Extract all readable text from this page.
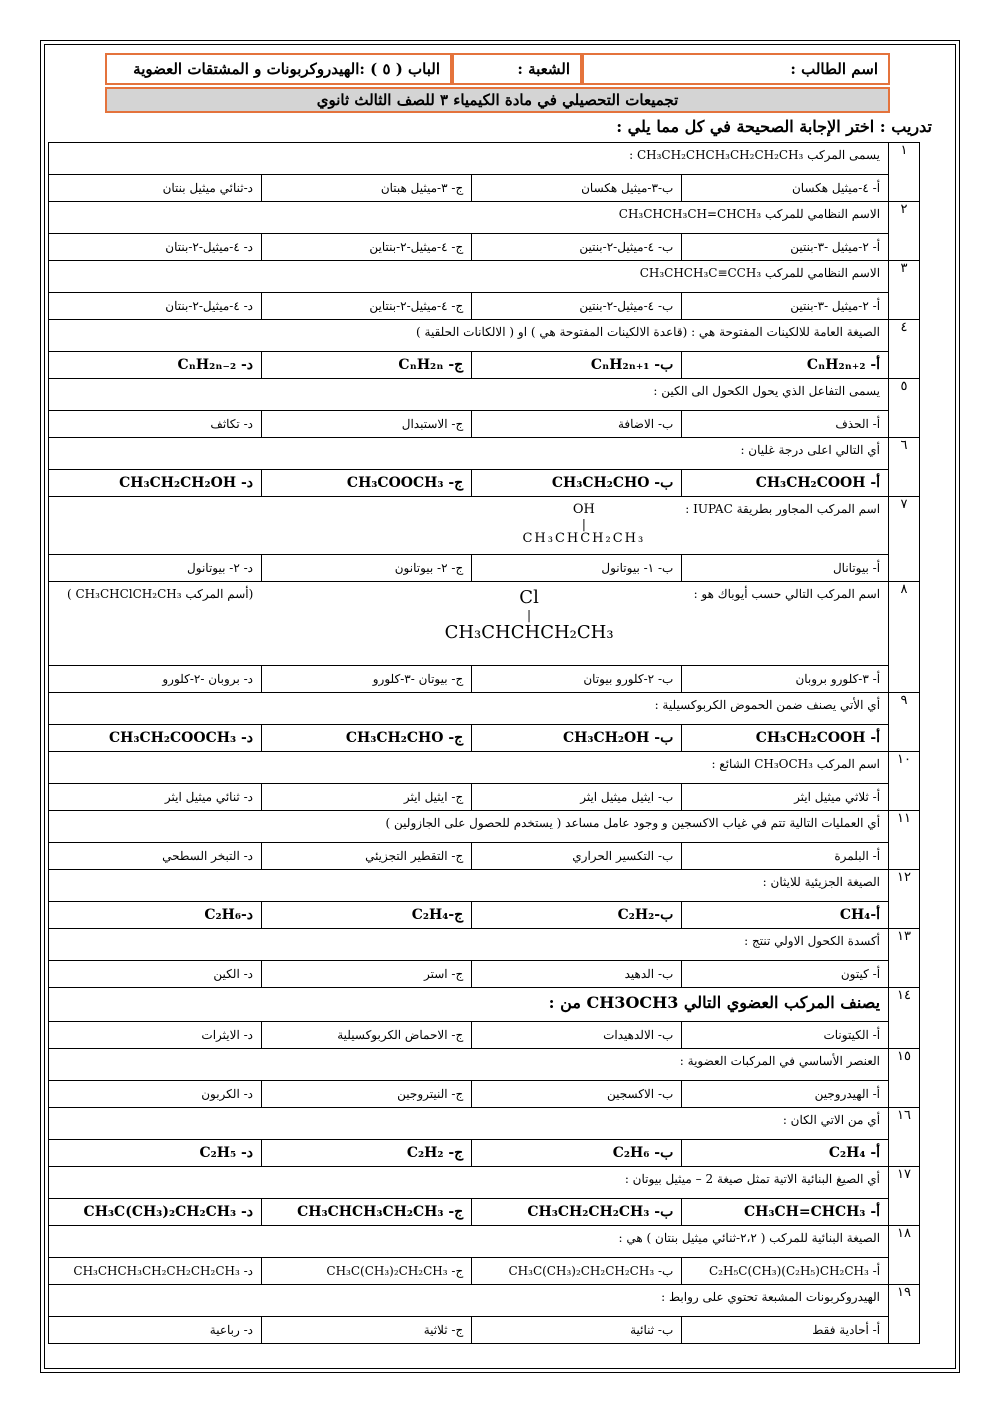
اسم الطالب :
الشعبة :
الباب ( ٥ ) :الهيدروكربونات و المشتقات العضوية
تجميعات التحصيلي في مادة الكيمياء ٣ للصف الثالث ثانوي
تدريب : اختر الإجابة الصحيحة في كل مما يلي :
١	يسمى المركب CH₃CH₂CHCH₃CH₂CH₂CH₃ :			
	أ- ٤-ميثيل هكسان	ب-٣-ميثيل هكسان	ج- ٣-ميثيل هبتان	د-ثنائي ميثيل بنتان
٢	الاسم النظامي للمركب CH₃CHCH₃CH=CHCH₃			
	أ- ٢-ميثيل -٣-بنتين	ب- ٤-ميثيل-٢-بنتين	ج- ٤-ميثيل-٢-بنتاين	د- ٤-ميثيل-٢-بنتان
٣	الاسم النظامي للمركب CH₃CHCH₃C≡CCH₃			
	أ- ٢-ميثيل -٣-بنتين	ب- ٤-ميثيل-٢-بنتين	ج- ٤-ميثيل-٢-بنتاين	د- ٤-ميثيل-٢-بنتان
٤	الصيغة العامة للالكينات المفتوحة هي : (قاعدة الالكينات المفتوحة هي ) او ( الالكانات الحلقية )			
	أ- CₙH₂ₙ₊₂	ب- CₙH₂ₙ₊₁	ج- CₙH₂ₙ	د- CₙH₂ₙ₋₂
٥	يسمى التفاعل الذي يحول الكحول الى الكين :			
	أ- الحذف	ب- الاضافة	ج- الاستبدال	د- تكاثف
٦	أي التالي اعلى درجة غليان :			
	أ- CH₃CH₂COOH	ب- CH₃CH₂CHO	ج- CH₃COOCH₃	د- CH₃CH₂CH₂OH
٧	اسم المركب المجاور بطريقة IUPAC :
OH
|
CH₃CHCH₂CH₃			

	أ- بيوتانال	ب- ١- بيوتانول	ج- ٢- بيوتانون	د- ٢- بيوتانول
٨	اسم المركب التالي حسب أيوباك هو :
Cl
|
CH₃CHCHCH₂CH₃
(أسم المركب CH₃CHClCH₂CH₃ )			

	أ- ٣-كلورو بروبان	ب- ٢-كلورو بيوتان	ج- بيوتان -٣-كلورو	د- بروبان -٢-كلورو
٩	أي الأتي يصنف ضمن الحموض الكربوكسيلية :			
	أ- CH₃CH₂COOH	ب- CH₃CH₂OH	ج- CH₃CH₂CHO	د- CH₃CH₂COOCH₃
١٠	اسم المركب CH₃OCH₃ الشائع :			
	أ- ثلاثي ميثيل ايثر	ب- ايثيل ميثيل ايثر	ج- ايثيل ايثر	د- ثنائي ميثيل ايثر
١١	أي العمليات التالية تتم في غياب الاكسجين و وجود عامل مساعد ( يستخدم للحصول على الجازولين )			
	أ- البلمرة	ب- التكسير الحراري	ج- التقطير التجزيئي	د- التبخر السطحي
١٢	الصيغة الجزيئية للايثان :			
	أ-CH₄	ب-C₂H₂	ج-C₂H₄	د-C₂H₆
١٣	أكسدة الكحول الاولي تنتج :			
	أ- كيتون	ب- الدهيد	ج- استر	د- الكين
١٤	يصنف المركب العضوي التالي CH3OCH3 من :			
	أ- الكيتونات	ب- الالدهيدات	ج- الاحماض الكربوكسيلية	د- الايثرات
١٥	العنصر الأساسي في المركبات العضوية :			
	أ- الهيدروجين	ب- الاكسجين	ج- النيتروجين	د- الكربون
١٦	أي من الاتي الكان :			
	أ- C₂H₄	ب- C₂H₆	ج- C₂H₂	د- C₂H₅
١٧	أي الصيغ البنائية الاتية تمثل صيغة 2 – ميثيل بيوتان :			
	أ- CH₃CH=CHCH₃	ب- CH₃CH₂CH₂CH₃	ج- CH₃CHCH₃CH₂CH₃	د- CH₃C(CH₃)₂CH₂CH₃
١٨	الصيغة البنائية للمركب ( ٢،٢-ثنائي ميثيل بنتان ) هي :			
	أ- C₂H₅C(CH₃)(C₂H₅)CH₂CH₃	ب- CH₃C(CH₃)₂CH₂CH₂CH₃	ج- CH₃C(CH₃)₂CH₂CH₃	د- CH₃CHCH₃CH₂CH₂CH₂CH₃
١٩	الهيدروكربونات المشبعة تحتوي على روابط :			
	أ- أحادية فقط	ب- ثنائية	ج- ثلاثية	د- رباعية
